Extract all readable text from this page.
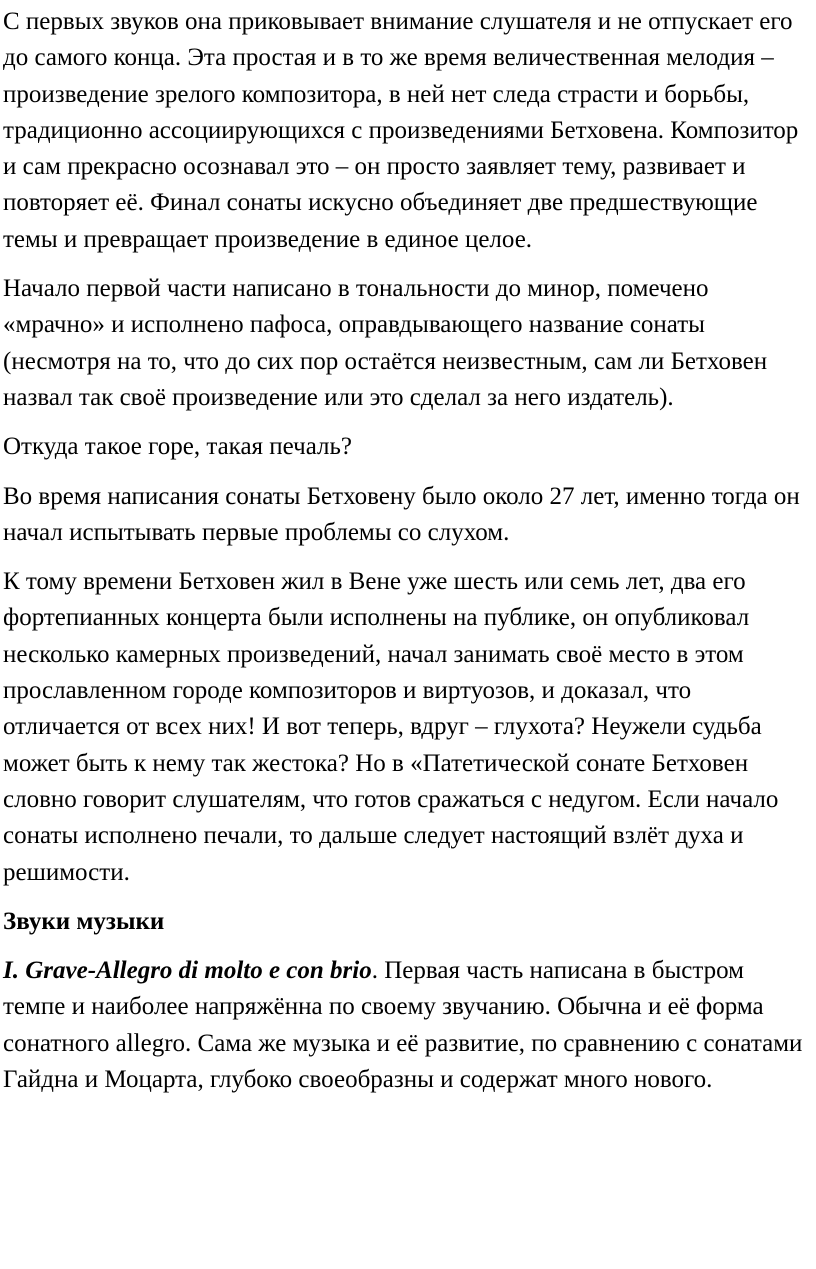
С первых звуков она приковывает внимание слушателя и не отпускает его до самого конца. Эта простая и в то же время величественная мелодия – произведение зрелого композитора, в ней нет следа страсти и борьбы, традиционно ассоциирующихся с произведениями Бетховена. Композитор и сам прекрасно осознавал это – он просто заявляет тему, развивает и повторяет её. Финал сонаты искусно объединяет две предшествующие темы и превращает произведение в единое целое.

Начало первой части написано в тональности до минор, помечено «мрачно» и исполнено пафоса, оправдывающего название сонаты (несмотря на то, что до сих пор остаётся неизвестным, сам ли Бетховен назвал так своё произведение или это сделал за него издатель).

Откуда такое горе, такая печаль?

Во время написания сонаты Бетховену было около 27 лет, именно тогда он начал испытывать первые проблемы со слухом.

К тому времени Бетховен жил в Вене уже шесть или семь лет, два его фортепианных концерта были исполнены на публике, он опубликовал несколько камерных произведений, начал занимать своё место в этом прославленном городе композиторов и виртуозов, и доказал, что отличается от всех них! И вот теперь, вдруг – глухота? Неужели судьба может быть к нему так жестока? Но в «Патетической сонате Бетховен словно говорит слушателям, что готов сражаться с недугом. Если начало сонаты исполнено печали, то дальше следует настоящий взлёт духа и решимости.

Звуки музыки

I. Grave-Allegro di molto e con brio. Первая часть написана в быстром темпе и наиболее напряжённа по своему звучанию. Обычна и её форма сонатного allegro. Сама же музыка и её развитие, по сравнению с сонатами Гайдна и Моцарта, глубоко своеобразны и содержат много нового.
